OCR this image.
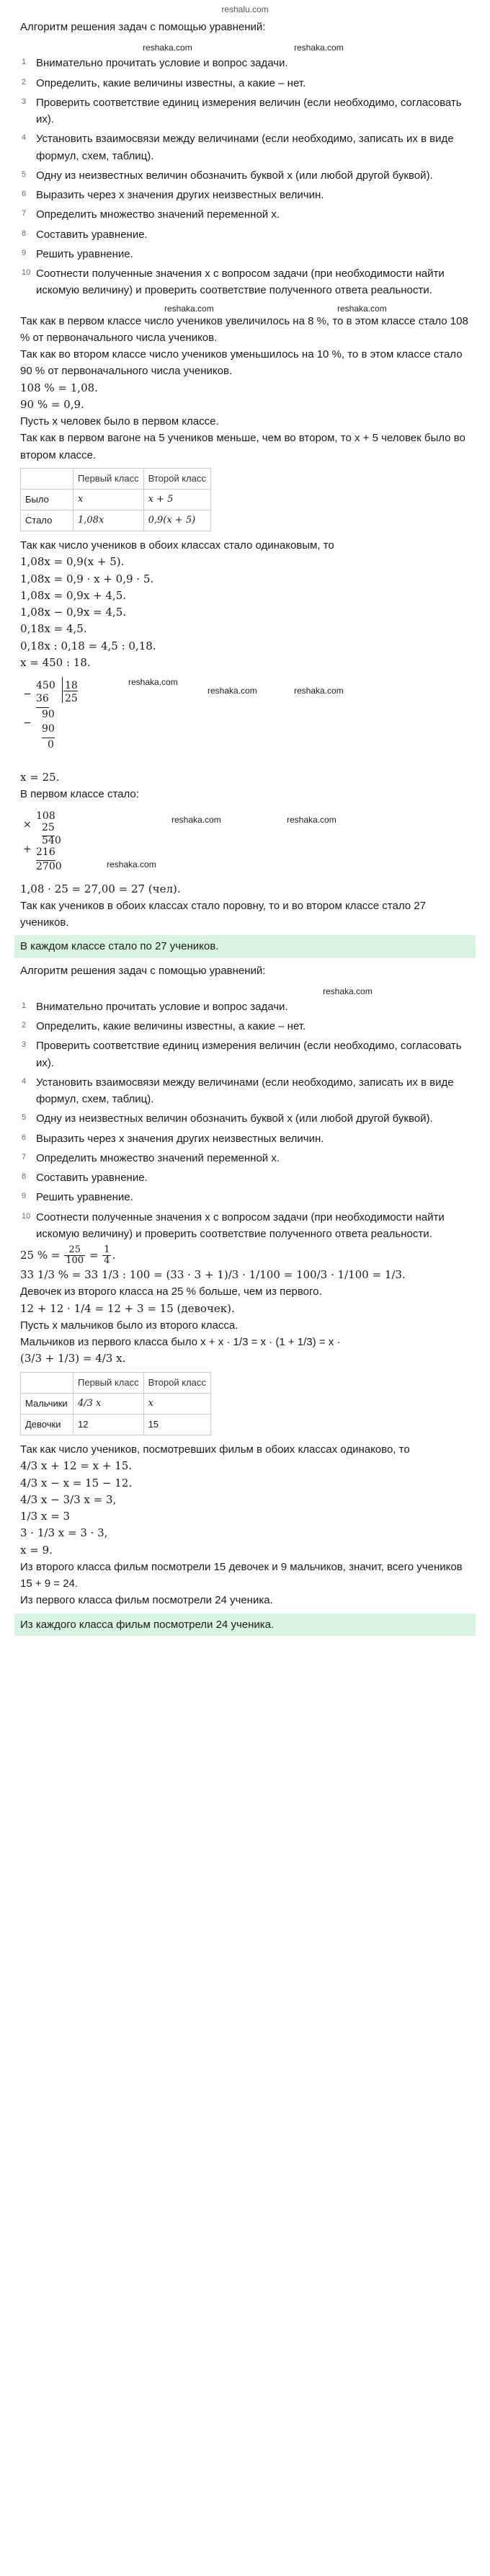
reshalu.com

Алгоритм решения задач с помощью уравнений:

reshaka.com	reshaka.com
1 Внимательно прочитать условие и вопрос задачи.
2 Определить, какие величины известны, а какие – нет.
3 Проверить соответствие единиц измерения величин (если необходимо, согласовать их).
4 Установить взаимосвязи между величинами (если необходимо, записать их в виде формул, схем, таблиц).
5 Одну из неизвестных величин обозначить буквой x (или любой другой буквой).
6 Выразить через x значения других неизвестных величин.
7 Определить множество значений переменной x.
8 Составить уравнение.
9 Решить уравнение.
10 Соотнести полученные значения x с вопросом задачи (при необходимости найти искомую величину) и проверить соответствие полученного ответа реальности.
reshaka.com	reshaka.com

Так как в первом классе число учеников увеличилось на 8 %, то в этом классе стало 108 % от первоначального числа учеников.

Так как во втором классе число учеников уменьшилось на 10 %, то в этом классе стало 90 % от первоначального числа учеников.

108 % = 1,08.

90 % = 0,9.

Пусть x человек было в первом классе.

Так как в первом вагоне на 5 учеников меньше, чем во втором, то x + 5 человек было во втором классе.

	Первый класс	Второй класс
Было	x	x + 5
Стало	1,08x	0,9(x + 5)

Так как число учеников в обоих классах стало одинаковым, то

1,08x = 0,9(x + 5).

1,08x = 0,9 · x + 0,9 · 5.

1,08x = 0,9x + 4,5.

1,08x − 0,9x = 4,5.

0,18x = 4,5.

0,18x : 0,18 = 4,5 : 0,18.

x = 450 : 18.

−
450 18
25
36
−
90
90
0
reshaka.com
reshaka.com	reshaka.com

x = 25.

В первом классе стало:

×
108
25
+
540
216
2700
reshaka.com	reshaka.com
reshaka.com

1,08 · 25 = 27,00 = 27 (чел).

Так как учеников в обоих классах стало поровну, то и во втором классе стало 27 учеников.

В каждом классе стало по 27 учеников.

Алгоритм решения задач с помощью уравнений:

reshaka.com
1 Внимательно прочитать условие и вопрос задачи.
2 Определить, какие величины известны, а какие – нет.
3 Проверить соответствие единиц измерения величин (если необходимо, согласовать их).
4 Установить взаимосвязи между величинами (если необходимо, записать их в виде формул, схем, таблиц).
5 Одну из неизвестных величин обозначить буквой x (или любой другой буквой).
6 Выразить через x значения других неизвестных величин.
7 Определить множество значений переменной x.
8 Составить уравнение.
9 Решить уравнение.
10 Соотнести полученные значения x с вопросом задачи (при необходимости найти искомую величину) и проверить соответствие полученного ответа реальности.

25 % = $\frac{25}{100} = \frac{1}{4}$ .

33 1/3 % = 33 1/3 : 100 = (33 · 3 + 1)/3 · 1/100 = 100/3 · 1/100 = 1/3.

Девочек из второго класса на 25 % больше, чем из первого.

12 + 12 · 1/4 = 12 + 3 = 15 (девочек).

Пусть x мальчиков было из второго класса.

Мальчиков из первого класса было x + x · 1/3 = x · (1 + 1/3) = x ·

(3/3 + 1/3) = 4/3 x.

	Первый класс	Второй класс
Мальчики	4/3 x	x
Девочки	12	15

Так как число учеников, посмотревших фильм в обоих классах одинаково, то

4/3 x + 12 = x + 15.

4/3 x − x = 15 − 12.

4/3 x − 3/3 x = 3,

1/3 x = 3

3 · 1/3 x = 3 · 3,

x = 9.

Из второго класса фильм посмотрели 15 девочек и 9 мальчиков, значит, всего учеников 15 + 9 = 24.

Из первого класса фильм посмотрели 24 ученика.

Из каждого класса фильм посмотрели 24 ученика.
